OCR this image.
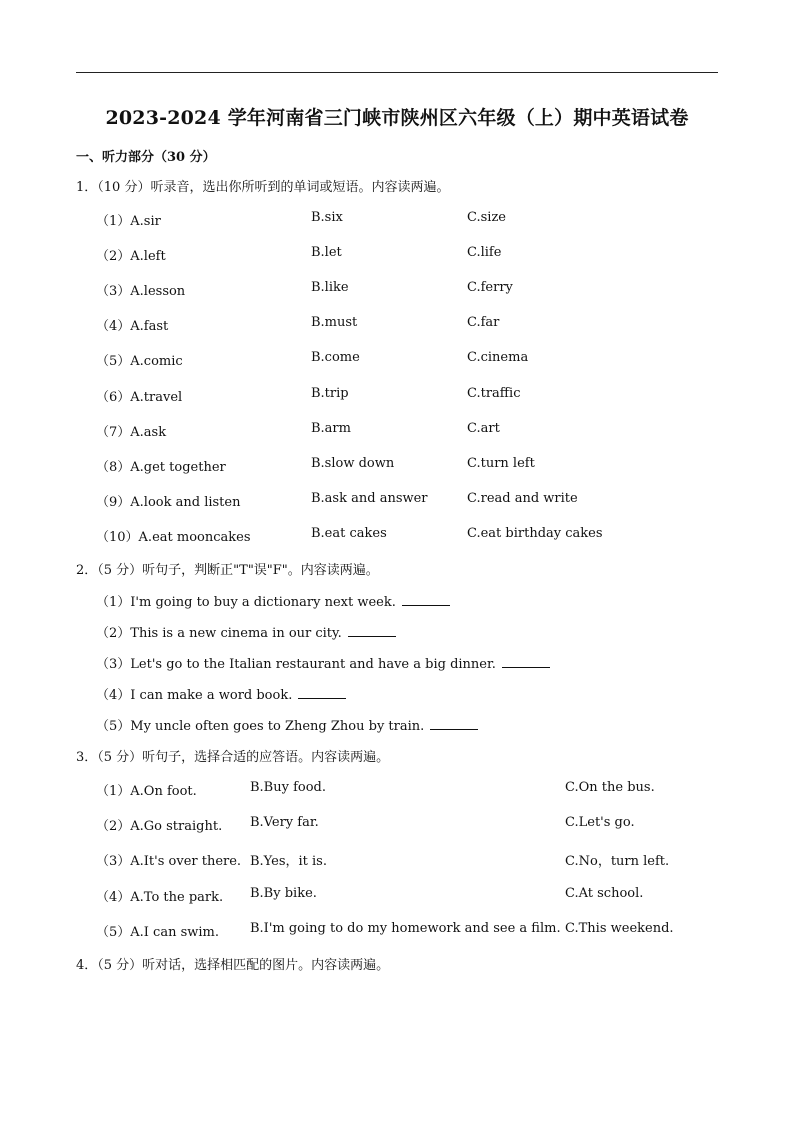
2023-2024 学年河南省三门峡市陕州区六年级（上）期中英语试卷
一、听力部分（30 分）
1．（10 分）听录音，选出你所听到的单词或短语。内容读两遍。
（1）A.sir	B.six	C.size
（2）A.left	B.let	C.life
（3）A.lesson	B.like	C.ferry
（4）A.fast	B.must	C.far
（5）A.comic	B.come	C.cinema
（6）A.travel	B.trip	C.traffic
（7）A.ask	B.arm	C.art
（8）A.get together	B.slow down	C.turn left
（9）A.look and listen	B.ask and answer	C.read and write
（10）A.eat mooncakes	B.eat cakes	C.eat birthday cakes
2．（5 分）听句子，判断正"T"误"F"。内容读两遍。
（1）I'm going to buy a dictionary next week.
（2）This is a new cinema in our city.
（3）Let's go to the Italian restaurant and have a big dinner.
（4）I can make a word book.
（5）My uncle often goes to Zheng Zhou by train.
3．（5 分）听句子，选择合适的应答语。内容读两遍。
（1）A.On foot.	B.Buy food.	C.On the bus.
（2）A.Go straight. B.Very far.	C.Let's go.
（3）A.It's over there. B.Yes，it is.	C.No，turn left.
（4）A.To the park. B.By bike.	C.At school.
（5）A.I can swim. B.I'm going to do my homework and see a film. C.This weekend.
4．（5 分）听对话，选择相匹配的图片。内容读两遍。
